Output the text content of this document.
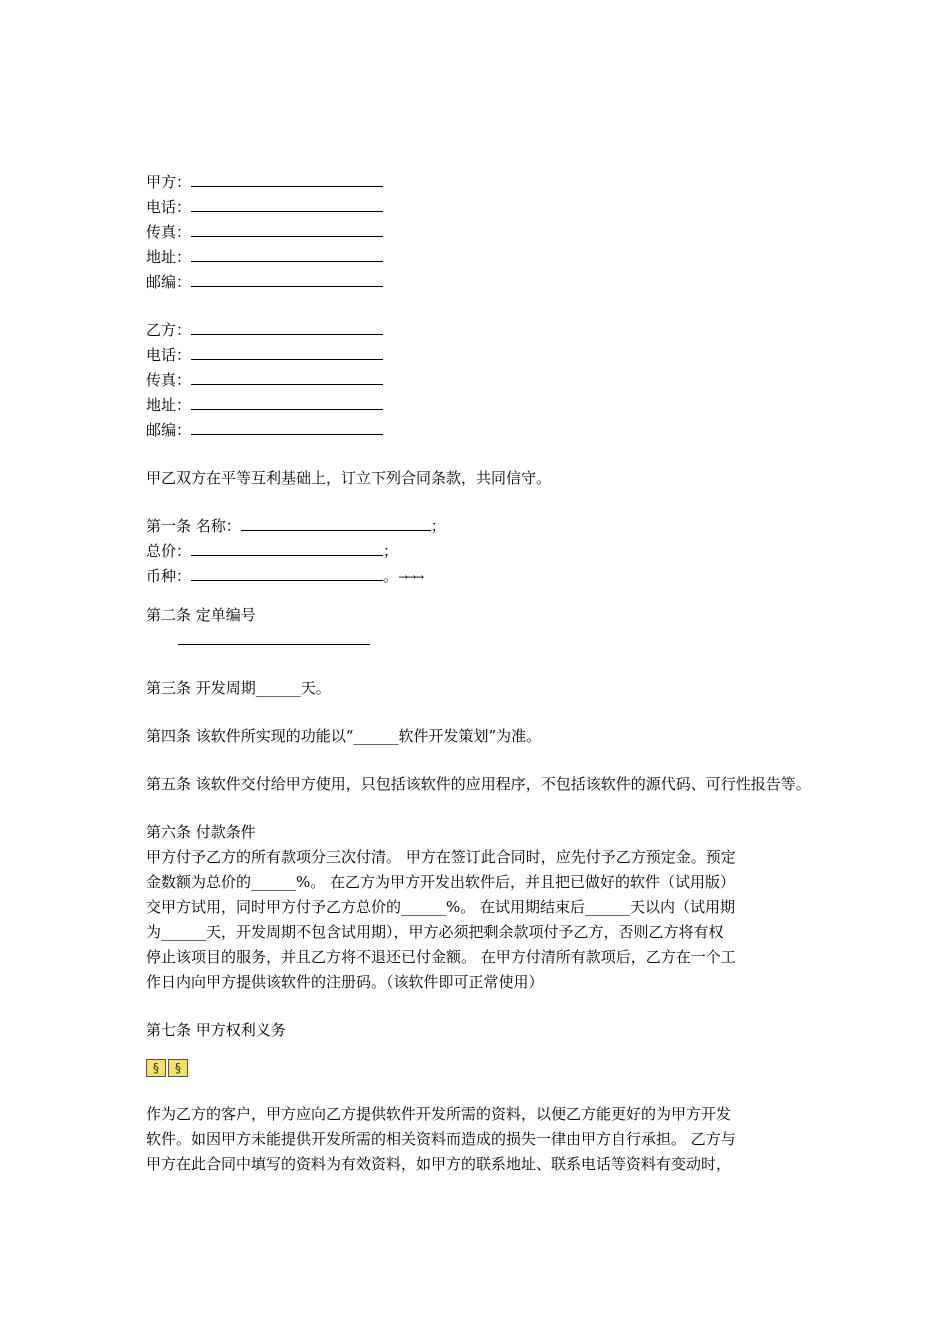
甲方：
电话：
传真：
地址：
邮编：
乙方：
电话：
传真：
地址：
邮编：
甲乙双方在平等互利基础上，订立下列合同条款，共同信守。
第一条 名称：	；
总价：	；
币种：	。→→→
第二条 定单编号
第三条 开发周期______天。
第四条 该软件所实现的功能以“______软件开发策划”为准。
第五条 该软件交付给甲方使用，只包括该软件的应用程序，不包括该软件的源代码、可行性报告等。
第六条 付款条件
甲方付予乙方的所有款项分三次付清。 甲方在签订此合同时，应先付予乙方预定金。预定
金数额为总价的______%。 在乙方为甲方开发出软件后，并且把已做好的软件（试用版）
交甲方试用，同时甲方付予乙方总价的______%。 在试用期结束后______天以内（试用期
为______天，开发周期不包含试用期），甲方必须把剩余款项付予乙方，否则乙方将有权
停止该项目的服务，并且乙方将不退还已付金额。 在甲方付清所有款项后，乙方在一个工
作日内向甲方提供该软件的注册码。（该软件即可正常使用）
第七条 甲方权利义务
§	§
作为乙方的客户，甲方应向乙方提供软件开发所需的资料，以便乙方能更好的为甲方开发
软件。如因甲方未能提供开发所需的相关资料而造成的损失一律由甲方自行承担。 乙方与
甲方在此合同中填写的资料为有效资料，如甲方的联系地址、联系电话等资料有变动时，
